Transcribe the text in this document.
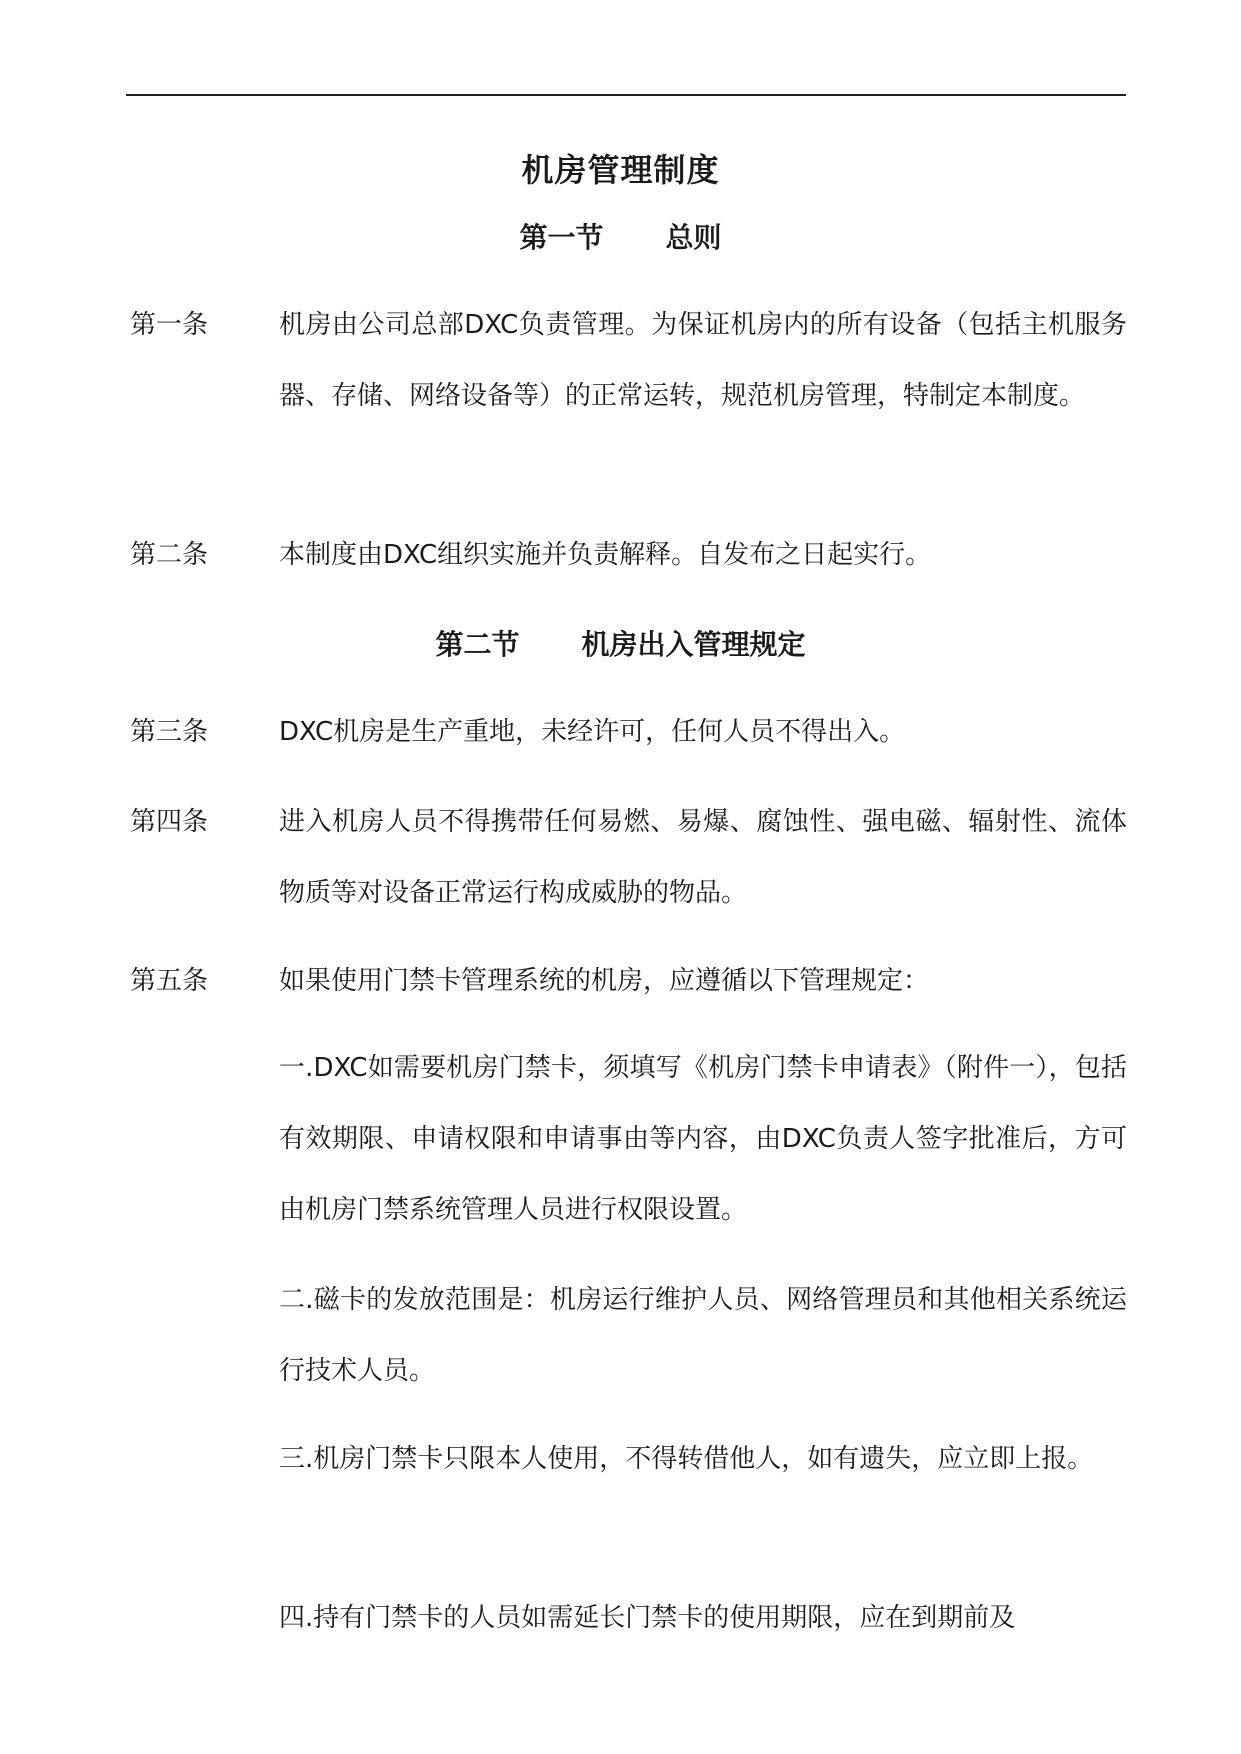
机房管理制度
第一节 总则
第一条	机房由公司总部DXC负责管理。为保证机房内的所有设备（包括主机服务器、存储、网络设备等）的正常运转，规范机房管理，特制定本制度。
第二条	本制度由DXC组织实施并负责解释。自发布之日起实行。
第二节 机房出入管理规定
第三条	DXC机房是生产重地，未经许可，任何人员不得出入。
第四条	进入机房人员不得携带任何易燃、易爆、腐蚀性、强电磁、辐射性、流体物质等对设备正常运行构成威胁的物品。
第五条	如果使用门禁卡管理系统的机房，应遵循以下管理规定：
一.DXC如需要机房门禁卡，须填写《机房门禁卡申请表》（附件一），包括有效期限、申请权限和申请事由等内容，由DXC负责人签字批准后，方可由机房门禁系统管理人员进行权限设置。
二.磁卡的发放范围是：机房运行维护人员、网络管理员和其他相关系统运行技术人员。
三.机房门禁卡只限本人使用，不得转借他人，如有遗失，应立即上报。
四.持有门禁卡的人员如需延长门禁卡的使用期限，应在到期前及
